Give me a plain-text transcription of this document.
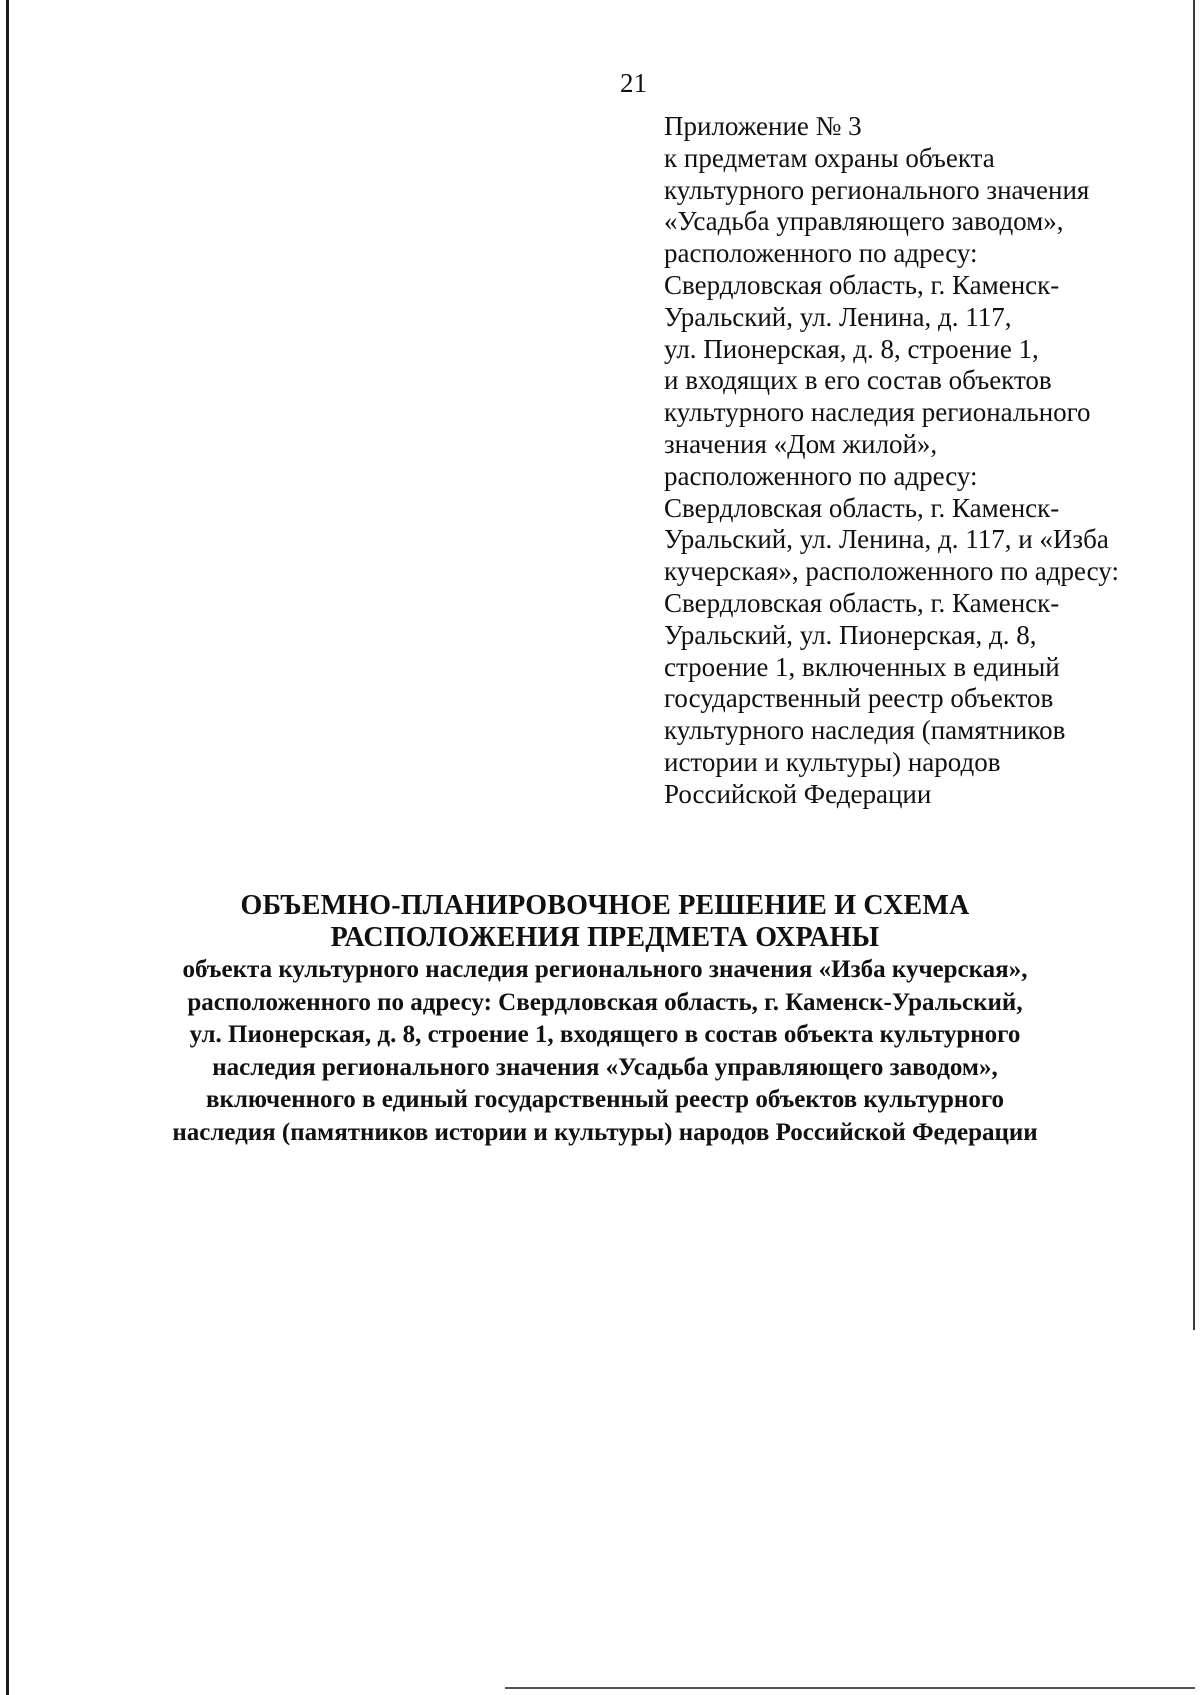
21
Приложение № 3
к предметам охраны объекта
культурного регионального значения
«Усадьба управляющего заводом»,
расположенного по адресу:
Свердловская область, г. Каменск-
Уральский, ул. Ленина, д. 117,
ул. Пионерская, д. 8, строение 1,
и входящих в его состав объектов
культурного наследия регионального
значения «Дом жилой»,
расположенного по адресу:
Свердловская область, г. Каменск-
Уральский, ул. Ленина, д. 117, и «Изба
кучерская», расположенного по адресу:
Свердловская область, г. Каменск-
Уральский, ул. Пионерская, д. 8,
строение 1, включенных в единый
государственный реестр объектов
культурного наследия (памятников
истории и культуры) народов
Российской Федерации
ОБЪЕМНО-ПЛАНИРОВОЧНОЕ РЕШЕНИЕ И СХЕМА
РАСПОЛОЖЕНИЯ ПРЕДМЕТА ОХРАНЫ
объекта культурного наследия регионального значения «Изба кучерская»,
расположенного по адресу: Свердловская область, г. Каменск-Уральский,
ул. Пионерская, д. 8, строение 1, входящего в состав объекта культурного
наследия регионального значения «Усадьба управляющего заводом»,
включенного в единый государственный реестр объектов культурного
наследия (памятников истории и культуры) народов Российской Федерации
